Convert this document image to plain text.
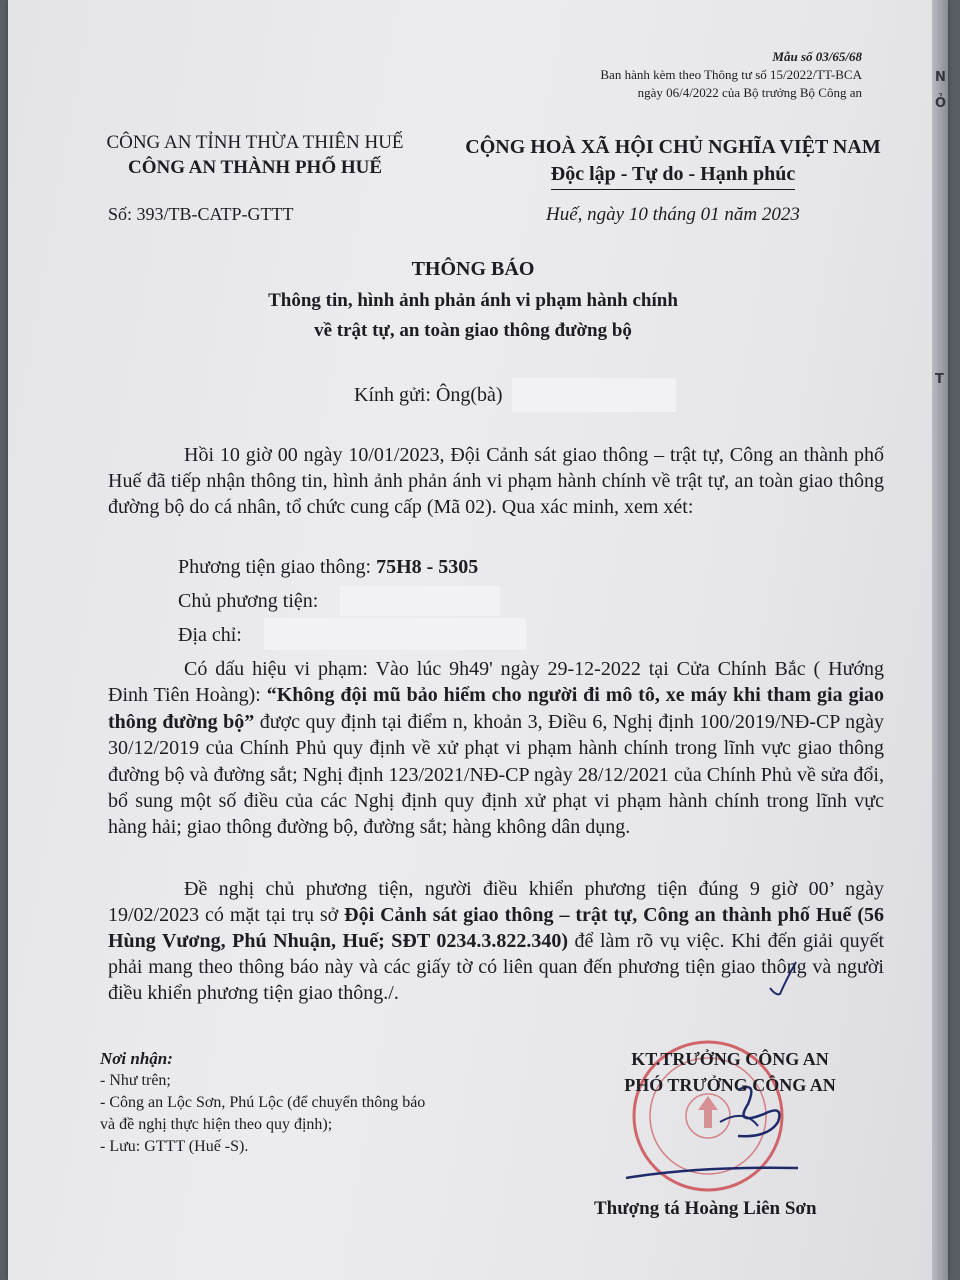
Mẫu số 03/65/68
Ban hành kèm theo Thông tư số 15/2022/TT-BCA
ngày 06/4/2022 của Bộ trưởng Bộ Công an
CÔNG AN TỈNH THỪA THIÊN HUẾ
CÔNG AN THÀNH PHỐ HUẾ
CỘNG HOÀ XÃ HỘI CHỦ NGHĨA VIỆT NAM
Độc lập - Tự do - Hạnh phúc
Số: 393/TB-CATP-GTTT	Huế, ngày 10 tháng 01 năm 2023
THÔNG BÁO
Thông tin, hình ảnh phản ánh vi phạm hành chính
về trật tự, an toàn giao thông đường bộ
Kính gửi: Ông(bà)
Hồi 10 giờ 00 ngày 10/01/2023, Đội Cảnh sát giao thông – trật tự, Công an thành phố Huế đã tiếp nhận thông tin, hình ảnh phản ánh vi phạm hành chính về trật tự, an toàn giao thông đường bộ do cá nhân, tổ chức cung cấp (Mã 02). Qua xác minh, xem xét:
Phương tiện giao thông: 75H8 - 5305
Chủ phương tiện:
Địa chỉ:
Có dấu hiệu vi phạm: Vào lúc 9h49' ngày 29-12-2022 tại Cửa Chính Bắc ( Hướng Đinh Tiên Hoàng): “Không đội mũ bảo hiểm cho người đi mô tô, xe máy khi tham gia giao thông đường bộ” được quy định tại điểm n, khoản 3, Điều 6, Nghị định 100/2019/NĐ-CP ngày 30/12/2019 của Chính Phủ quy định về xử phạt vi phạm hành chính trong lĩnh vực giao thông đường bộ và đường sắt; Nghị định 123/2021/NĐ-CP ngày 28/12/2021 của Chính Phủ về sửa đổi, bổ sung một số điều của các Nghị định quy định xử phạt vi phạm hành chính trong lĩnh vực hàng hải; giao thông đường bộ, đường sắt; hàng không dân dụng.
Đề nghị chủ phương tiện, người điều khiển phương tiện đúng 9 giờ 00’ ngày 19/02/2023 có mặt tại trụ sở Đội Cảnh sát giao thông – trật tự, Công an thành phố Huế (56 Hùng Vương, Phú Nhuận, Huế; SĐT 0234.3.822.340) để làm rõ vụ việc. Khi đến giải quyết phải mang theo thông báo này và các giấy tờ có liên quan đến phương tiện giao thông và người điều khiển phương tiện giao thông./.
Nơi nhận:
- Như trên;
- Công an Lộc Sơn, Phú Lộc (để chuyển thông báo
và đề nghị thực hiện theo quy định);
- Lưu: GTTT (Huế -S).
KT.TRƯỞNG CÔNG AN
PHÓ TRƯỞNG CÔNG AN
Thượng tá Hoàng Liên Sơn
N
Ỏ
T
